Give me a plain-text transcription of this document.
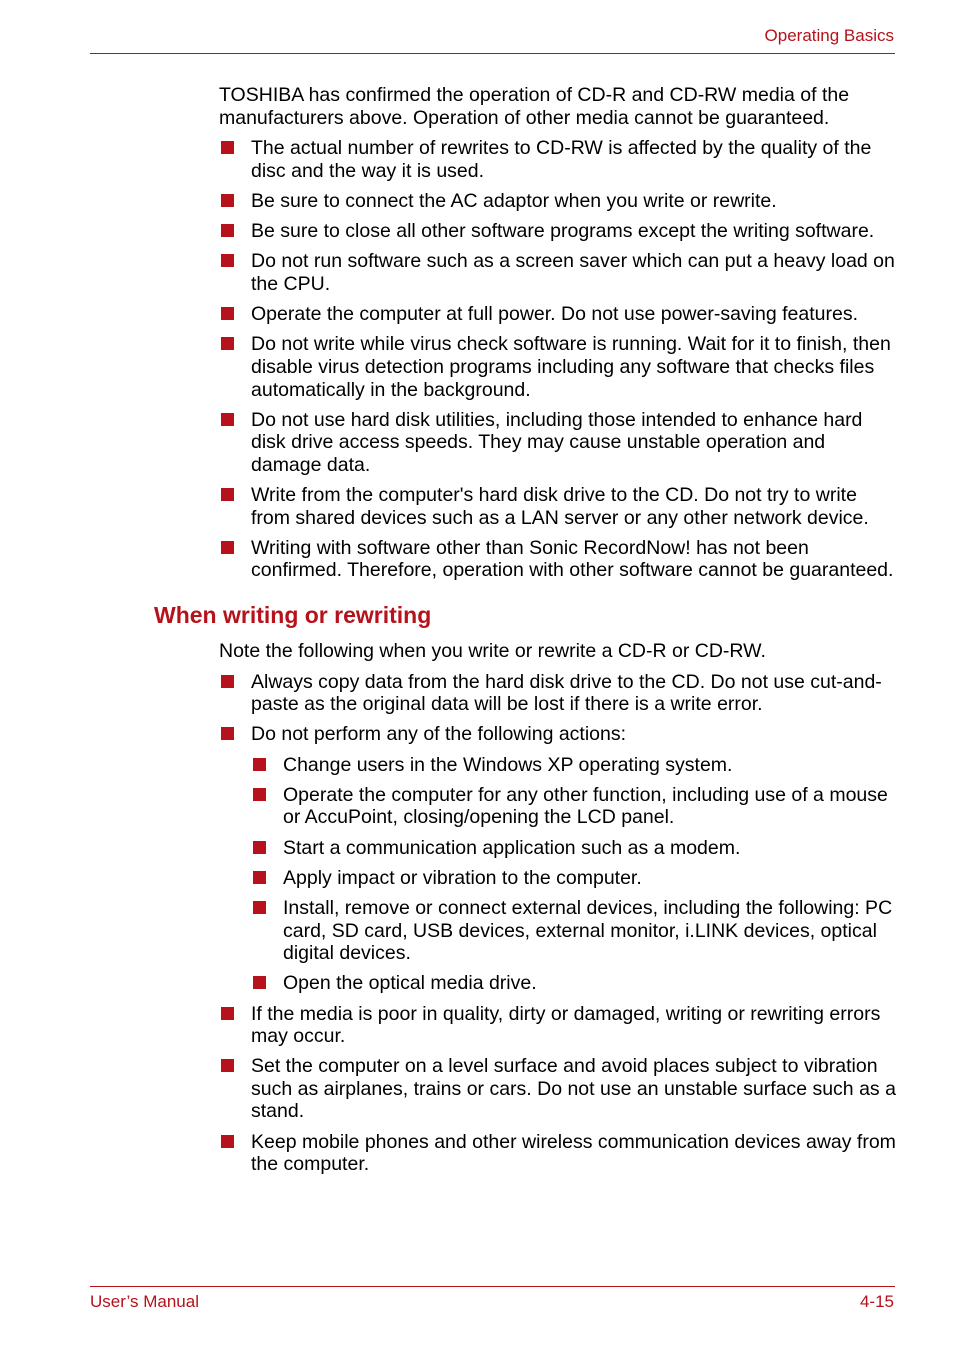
Operating Basics

TOSHIBA has confirmed the operation of CD-R and CD-RW media of the manufacturers above. Operation of other media cannot be guaranteed.

The actual number of rewrites to CD-RW is affected by the quality of the disc and the way it is used.
Be sure to connect the AC adaptor when you write or rewrite.
Be sure to close all other software programs except the writing software.
Do not run software such as a screen saver which can put a heavy load on the CPU.
Operate the computer at full power. Do not use power-saving features.
Do not write while virus check software is running. Wait for it to finish, then disable virus detection programs including any software that checks files automatically in the background.
Do not use hard disk utilities, including those intended to enhance hard disk drive access speeds. They may cause unstable operation and damage data.
Write from the computer's hard disk drive to the CD. Do not try to write from shared devices such as a LAN server or any other network device.
Writing with software other than Sonic RecordNow! has not been confirmed. Therefore, operation with other software cannot be guaranteed.
When writing or rewriting

Note the following when you write or rewrite a CD-R or CD-RW.

Always copy data from the hard disk drive to the CD. Do not use cut-and-paste as the original data will be lost if there is a write error.
Do not perform any of the following actions:
Change users in the Windows XP operating system.
Operate the computer for any other function, including use of a mouse or AccuPoint, closing/opening the LCD panel.
Start a communication application such as a modem.
Apply impact or vibration to the computer.
Install, remove or connect external devices, including the following: PC card, SD card, USB devices, external monitor, i.LINK devices, optical digital devices.
Open the optical media drive.
If the media is poor in quality, dirty or damaged, writing or rewriting errors may occur.
Set the computer on a level surface and avoid places subject to vibration such as airplanes, trains or cars. Do not use an unstable surface such as a stand.
Keep mobile phones and other wireless communication devices away from the computer.
User’s Manual	4-15
